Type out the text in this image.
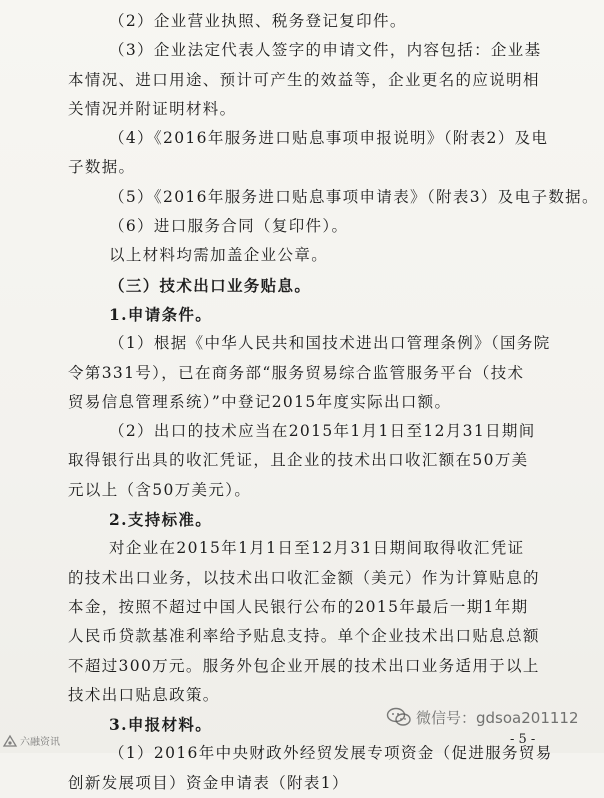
（2）企业营业执照、税务登记复印件。
（3）企业法定代表人签字的申请文件，内容包括：企业基
本情况、进口用途、预计可产生的效益等，企业更名的应说明相
关情况并附证明材料。
（4）《2016年服务进口贴息事项申报说明》（附表2）及电
子数据。
（5）《2016年服务进口贴息事项申请表》（附表3）及电子数据。
（6）进口服务合同（复印件）。
以上材料均需加盖企业公章。
（三）技术出口业务贴息。
1.申请条件。
（1）根据《中华人民共和国技术进出口管理条例》（国务院
令第331号），已在商务部“服务贸易综合监管服务平台（技术
贸易信息管理系统）”中登记2015年度实际出口额。
（2）出口的技术应当在2015年1月1日至12月31日期间
取得银行出具的收汇凭证，且企业的技术出口收汇额在50万美
元以上（含50万美元）。
2.支持标准。
对企业在2015年1月1日至12月31日期间取得收汇凭证
的技术出口业务，以技术出口收汇金额（美元）作为计算贴息的
本金，按照不超过中国人民银行公布的2015年最后一期1年期
人民币贷款基准利率给予贴息支持。单个企业技术出口贴息总额
不超过300万元。服务外包企业开展的技术出口业务适用于以上
技术出口贴息政策。
3.申报材料。
（1）2016年中央财政外经贸发展专项资金（促进服务贸易
创新发展项目）资金申请表（附表1）
微信号：gdsoa201112
六融资讯	- 5 -
